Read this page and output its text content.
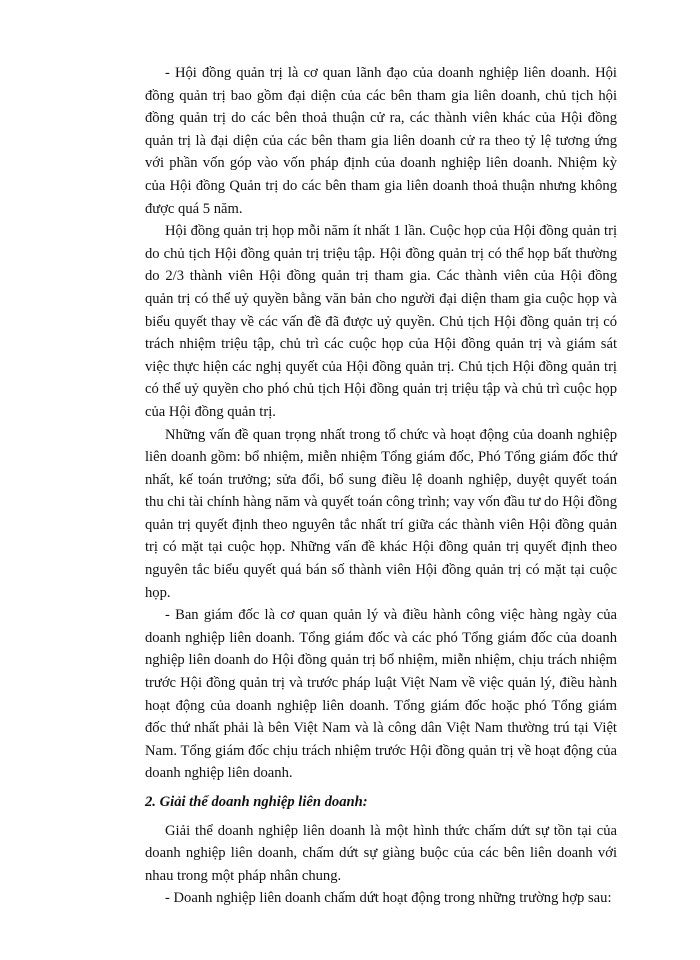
- Hội đồng quản trị là cơ quan lãnh đạo của doanh nghiệp liên doanh. Hội đồng quản trị bao gồm đại diện của các bên tham gia liên doanh, chủ tịch hội đồng quản trị do các bên thoả thuận cử ra, các thành viên khác của Hội đồng quản trị là đại diện của các bên tham gia liên doanh cử ra theo tỷ lệ tương ứng với phần vốn góp vào vốn pháp định của doanh nghiệp liên doanh. Nhiệm kỳ của Hội đồng Quản trị do các bên tham gia liên doanh thoả thuận nhưng không được quá 5 năm.

Hội đồng quản trị họp mỗi năm ít nhất 1 lần. Cuộc họp của Hội đồng quản trị do chủ tịch Hội đồng quản trị triệu tập. Hội đồng quản trị có thể họp bất thường do 2/3 thành viên Hội đồng quản trị tham gia. Các thành viên của Hội đồng quản trị có thể uỷ quyền bằng văn bản cho người đại diện tham gia cuộc họp và biểu quyết thay về các vấn đề đã được uỷ quyền. Chủ tịch Hội đồng quản trị có trách nhiệm triệu tập, chủ trì các cuộc họp của Hội đồng quản trị và giám sát việc thực hiện các nghị quyết của Hội đồng quản trị. Chủ tịch Hội đồng quản trị có thể uỷ quyền cho phó chủ tịch Hội đồng quản trị triệu tập và chủ trì cuộc họp của Hội đồng quản trị.

Những vấn đề quan trọng nhất trong tổ chức và hoạt động của doanh nghiệp liên doanh gồm: bổ nhiệm, miễn nhiệm Tổng giám đốc, Phó Tổng giám đốc thứ nhất, kế toán trưởng; sửa đổi, bổ sung điều lệ doanh nghiệp, duyệt quyết toán thu chi tài chính hàng năm và quyết toán công trình; vay vốn đầu tư do Hội đồng quản trị quyết định theo nguyên tắc nhất trí giữa các thành viên Hội đồng quản trị có mặt tại cuộc họp. Những vấn đề khác Hội đồng quản trị quyết định theo nguyên tắc biểu quyết quá bán số thành viên Hội đồng quản trị có mặt tại cuộc họp.

- Ban giám đốc là cơ quan quản lý và điều hành công việc hàng ngày của doanh nghiệp liên doanh. Tổng giám đốc và các phó Tổng giám đốc của doanh nghiệp liên doanh do Hội đồng quản trị bổ nhiệm, miễn nhiệm, chịu trách nhiệm trước Hội đồng quản trị và trước pháp luật Việt Nam về việc quản lý, điều hành hoạt động của doanh nghiệp liên doanh. Tổng giám đốc hoặc phó Tổng giám đốc thứ nhất phải là bên Việt Nam và là công dân Việt Nam thường trú tại Việt Nam. Tổng giám đốc chịu trách nhiệm trước Hội đồng quản trị về hoạt động của doanh nghiệp liên doanh.

2. Giải thể doanh nghiệp liên doanh:

Giải thể doanh nghiệp liên doanh là một hình thức chấm dứt sự tồn tại của doanh nghiệp liên doanh, chấm dứt sự giàng buộc của các bên liên doanh với nhau trong một pháp nhân chung.

- Doanh nghiệp liên doanh chấm dứt hoạt động trong những trường hợp sau:
